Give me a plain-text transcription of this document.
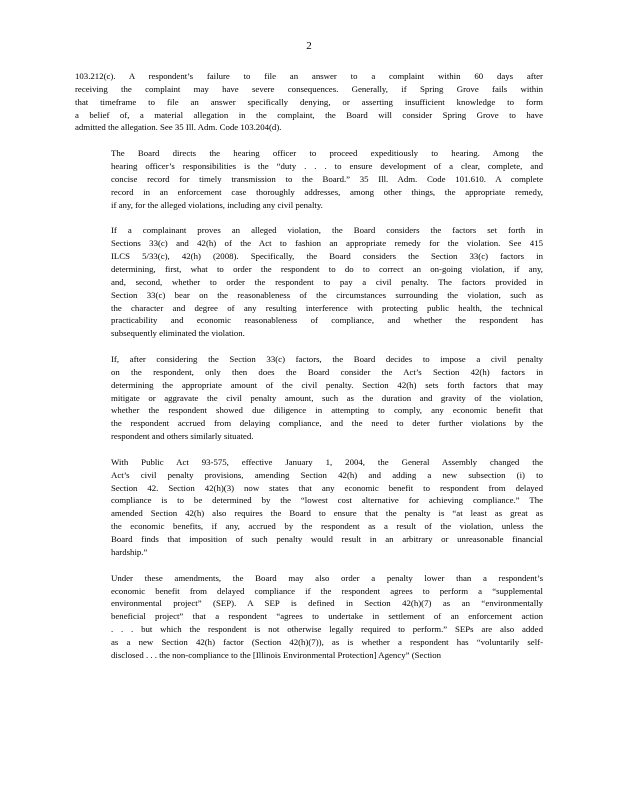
2
103.212(c). A respondent’s failure to file an answer to a complaint within 60 days after
receiving the complaint may have severe consequences. Generally, if Spring Grove fails within
that timeframe to file an answer specifically denying, or asserting insufficient knowledge to form
a belief of, a material allegation in the complaint, the Board will consider Spring Grove to have
admitted the allegation. See 35 Ill. Adm. Code 103.204(d).
The Board directs the hearing officer to proceed expeditiously to hearing. Among the
hearing officer’s responsibilities is the “duty . . . to ensure development of a clear, complete, and
concise record for timely transmission to the Board.” 35 Ill. Adm. Code 101.610. A complete
record in an enforcement case thoroughly addresses, among other things, the appropriate remedy,
if any, for the alleged violations, including any civil penalty.
If a complainant proves an alleged violation, the Board considers the factors set forth in
Sections 33(c) and 42(h) of the Act to fashion an appropriate remedy for the violation. See 415
ILCS 5/33(c), 42(h) (2008). Specifically, the Board considers the Section 33(c) factors in
determining, first, what to order the respondent to do to correct an on-going violation, if any,
and, second, whether to order the respondent to pay a civil penalty. The factors provided in
Section 33(c) bear on the reasonableness of the circumstances surrounding the violation, such as
the character and degree of any resulting interference with protecting public health, the technical
practicability and economic reasonableness of compliance, and whether the respondent has
subsequently eliminated the violation.
If, after considering the Section 33(c) factors, the Board decides to impose a civil penalty
on the respondent, only then does the Board consider the Act’s Section 42(h) factors in
determining the appropriate amount of the civil penalty. Section 42(h) sets forth factors that may
mitigate or aggravate the civil penalty amount, such as the duration and gravity of the violation,
whether the respondent showed due diligence in attempting to comply, any economic benefit that
the respondent accrued from delaying compliance, and the need to deter further violations by the
respondent and others similarly situated.
With Public Act 93-575, effective January 1, 2004, the General Assembly changed the
Act’s civil penalty provisions, amending Section 42(h) and adding a new subsection (i) to
Section 42. Section 42(h)(3) now states that any economic benefit to respondent from delayed
compliance is to be determined by the “lowest cost alternative for achieving compliance.” The
amended Section 42(h) also requires the Board to ensure that the penalty is “at least as great as
the economic benefits, if any, accrued by the respondent as a result of the violation, unless the
Board finds that imposition of such penalty would result in an arbitrary or unreasonable financial
hardship.”
Under these amendments, the Board may also order a penalty lower than a respondent’s
economic benefit from delayed compliance if the respondent agrees to perform a “supplemental
environmental project” (SEP). A SEP is defined in Section 42(h)(7) as an “environmentally
beneficial project” that a respondent “agrees to undertake in settlement of an enforcement action
. . . but which the respondent is not otherwise legally required to perform.” SEPs are also added
as a new Section 42(h) factor (Section 42(h)(7)), as is whether a respondent has “voluntarily self-
disclosed . . . the non-compliance to the [Illinois Environmental Protection] Agency” (Section
